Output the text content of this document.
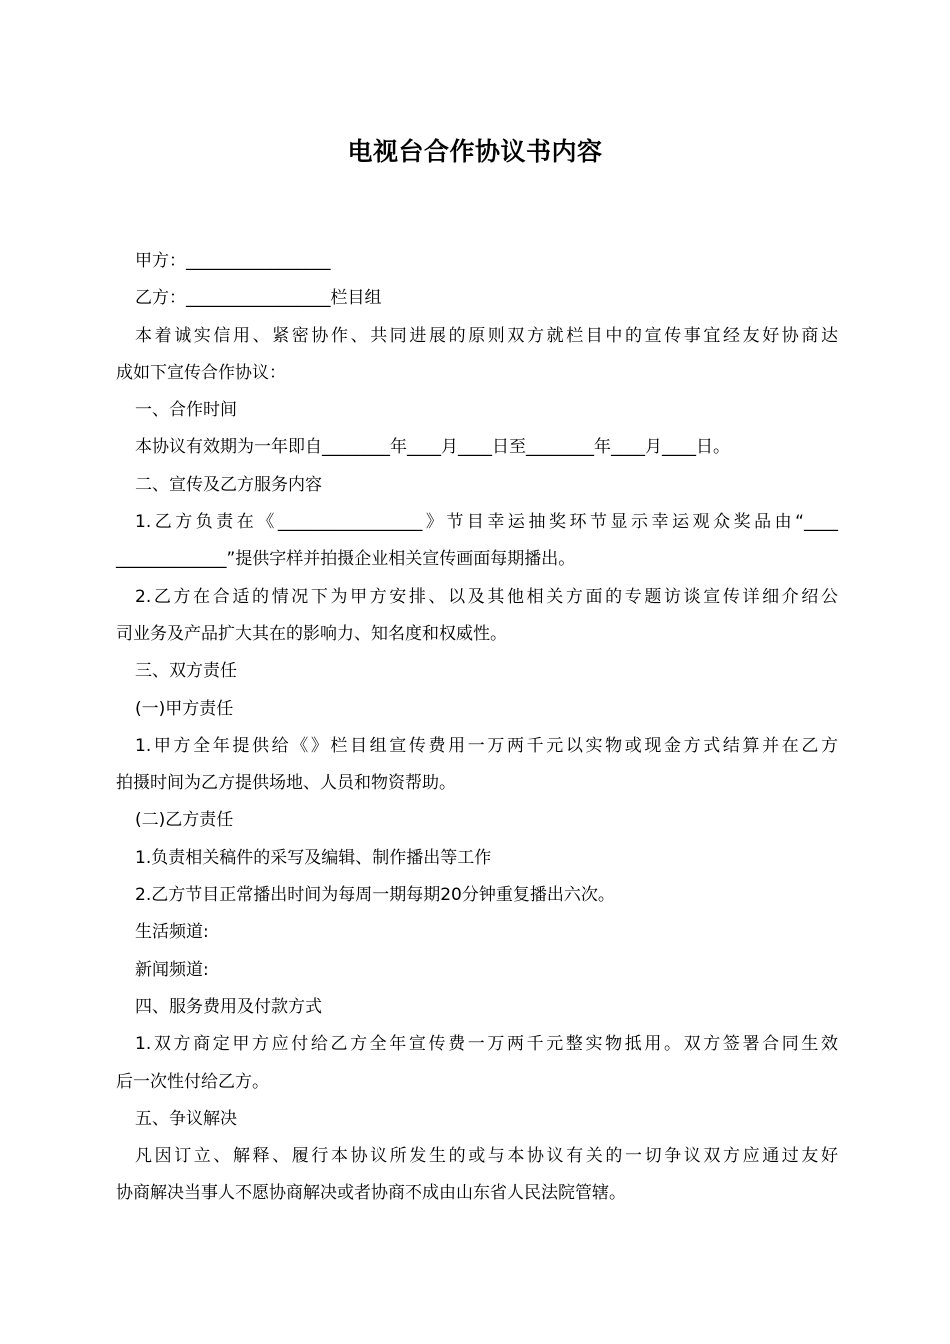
电视台合作协议书内容
甲方：_________________
乙方：_________________栏目组
本着诚实信用、紧密协作、共同进展的原则双方就栏目中的宣传事宜经友好协商达
成如下宣传合作协议：
一、合作时间
本协议有效期为一年即自________年____月____日至________年____月____日。
二、宣传及乙方服务内容
1.乙方负责在《_________________》节目幸运抽奖环节显示幸运观众奖品由“____
_____________”提供字样并拍摄企业相关宣传画面每期播出。
2.乙方在合适的情况下为甲方安排、以及其他相关方面的专题访谈宣传详细介绍公
司业务及产品扩大其在的影响力、知名度和权威性。
三、双方责任
(一)甲方责任
1.甲方全年提供给《》栏目组宣传费用一万两千元以实物或现金方式结算并在乙方
拍摄时间为乙方提供场地、人员和物资帮助。
(二)乙方责任
1.负责相关稿件的采写及编辑、制作播出等工作
2.乙方节目正常播出时间为每周一期每期20分钟重复播出六次。
生活频道:
新闻频道:
四、服务费用及付款方式
1.双方商定甲方应付给乙方全年宣传费一万两千元整实物抵用。双方签署合同生效
后一次性付给乙方。
五、争议解决
凡因订立、解释、履行本协议所发生的或与本协议有关的一切争议双方应通过友好
协商解决当事人不愿协商解决或者协商不成由山东省人民法院管辖。
